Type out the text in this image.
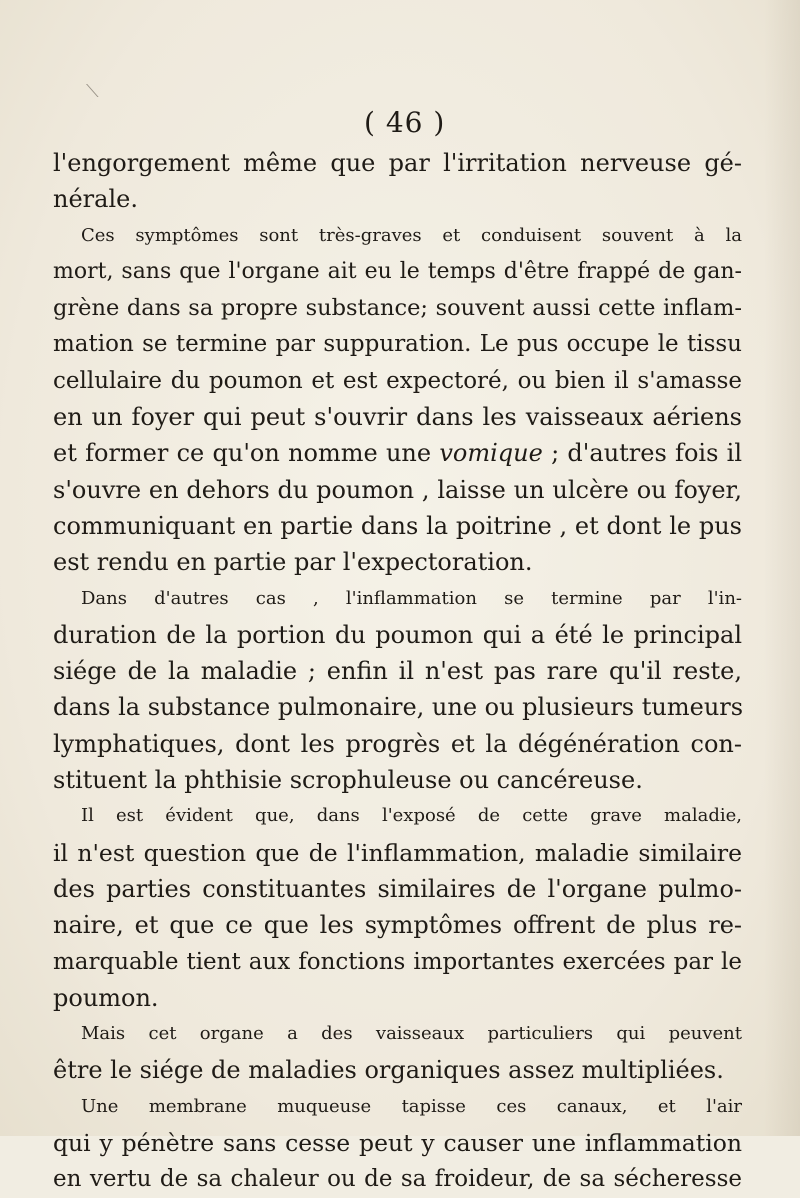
⟍
( 46 )
l'engorgement même que par l'irritation nerveuse gé-
nérale.
Ces symptômes sont très-graves et conduisent souvent à la
mort, sans que l'organe ait eu le temps d'être frappé de gan-
grène dans sa propre substance; souvent aussi cette inflam-
mation se termine par suppuration. Le pus occupe le tissu
cellulaire du poumon et est expectoré, ou bien il s'amasse
en un foyer qui peut s'ouvrir dans les vaisseaux aériens
et former ce qu'on nomme une vomique ; d'autres fois il
s'ouvre en dehors du poumon , laisse un ulcère ou foyer,
communiquant en partie dans la poitrine , et dont le pus
est rendu en partie par l'expectoration.
Dans d'autres cas , l'inflammation se termine par l'in-
duration de la portion du poumon qui a été le principal
siége de la maladie ; enfin il n'est pas rare qu'il reste,
dans la substance pulmonaire, une ou plusieurs tumeurs
lymphatiques, dont les progrès et la dégénération con-
stituent la phthisie scrophuleuse ou cancéreuse.
Il est évident que, dans l'exposé de cette grave maladie,
il n'est question que de l'inflammation, maladie similaire
des parties constituantes similaires de l'organe pulmo-
naire, et que ce que les symptômes offrent de plus re-
marquable tient aux fonctions importantes exercées par le
poumon.
Mais cet organe a des vaisseaux particuliers qui peuvent
être le siége de maladies organiques assez multipliées.
Une membrane muqueuse tapisse ces canaux, et l'air
qui y pénètre sans cesse peut y causer une inflammation
en vertu de sa chaleur ou de sa froideur, de sa sécheresse
